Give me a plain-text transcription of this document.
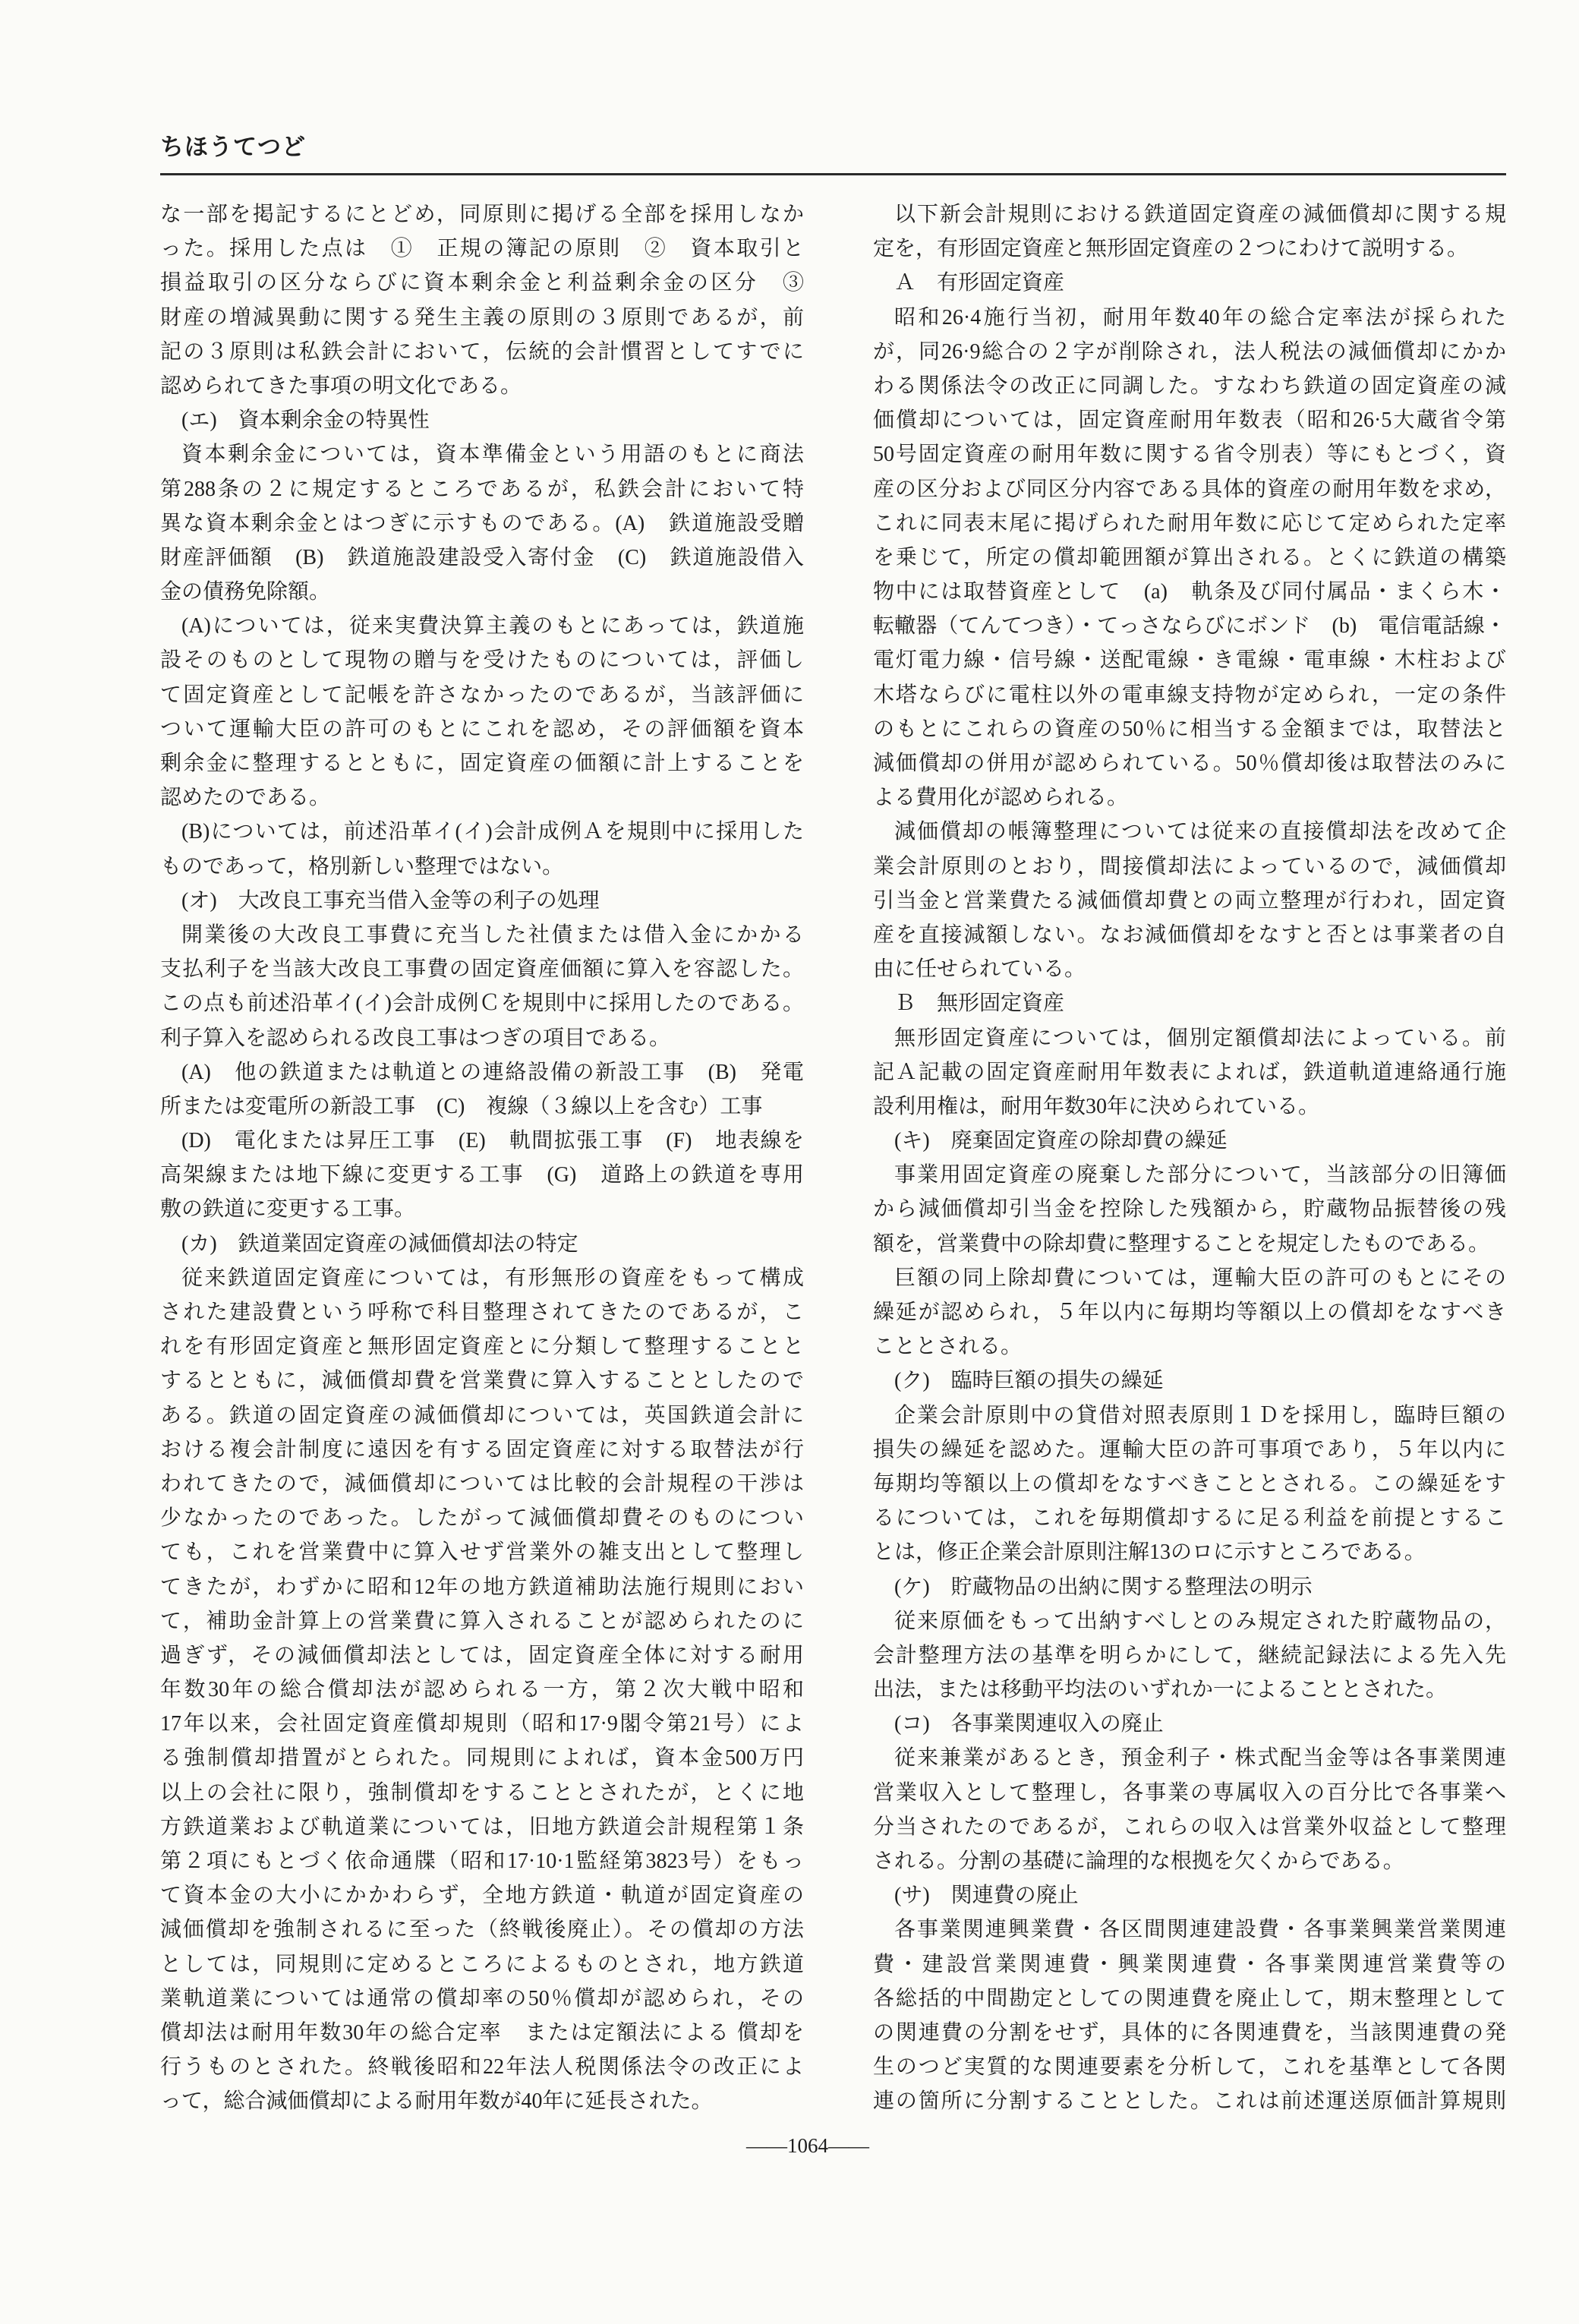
ちほうてつど
な一部を掲記するにとどめ，同原則に掲げる全部を採用しなか
った。採用した点は　①　正規の簿記の原則　②　資本取引と
損益取引の区分ならびに資本剰余金と利益剰余金の区分　③
財産の増減異動に関する発生主義の原則の３原則であるが，前
記の３原則は私鉄会計において，伝統的会計慣習としてすでに
認められてきた事項の明文化である。
(エ)　資本剰余金の特異性
資本剰余金については，資本準備金という用語のもとに商法
第288条の２に規定するところであるが，私鉄会計において特
異な資本剰余金とはつぎに示すものである。(A)　鉄道施設受贈
財産評価額　(B)　鉄道施設建設受入寄付金　(C)　鉄道施設借入
金の債務免除額。
(A)については，従来実費決算主義のもとにあっては，鉄道施
設そのものとして現物の贈与を受けたものについては，評価し
て固定資産として記帳を許さなかったのであるが，当該評価に
ついて運輸大臣の許可のもとにこれを認め，その評価額を資本
剰余金に整理するとともに，固定資産の価額に計上することを
認めたのである。
(B)については，前述沿革イ(イ)会計成例Ａを規則中に採用した
ものであって，格別新しい整理ではない。
(オ)　大改良工事充当借入金等の利子の処理
開業後の大改良工事費に充当した社債または借入金にかかる
支払利子を当該大改良工事費の固定資産価額に算入を容認した。
この点も前述沿革イ(イ)会計成例Ｃを規則中に採用したのである。
利子算入を認められる改良工事はつぎの項目である。
(A)　他の鉄道または軌道との連絡設備の新設工事　(B)　発電
所または変電所の新設工事　(C)　複線（３線以上を含む）工事
(D)　電化または昇圧工事　(E)　軌間拡張工事　(F)　地表線を
高架線または地下線に変更する工事　(G)　道路上の鉄道を専用
敷の鉄道に変更する工事。
(カ)　鉄道業固定資産の減価償却法の特定
従来鉄道固定資産については，有形無形の資産をもって構成
された建設費という呼称で科目整理されてきたのであるが，こ
れを有形固定資産と無形固定資産とに分類して整理することと
するとともに，減価償却費を営業費に算入することとしたので
ある。鉄道の固定資産の減価償却については，英国鉄道会計に
おける複会計制度に遠因を有する固定資産に対する取替法が行
われてきたので，減価償却については比較的会計規程の干渉は
少なかったのであった。したがって減価償却費そのものについ
ても，これを営業費中に算入せず営業外の雑支出として整理し
てきたが，わずかに昭和12年の地方鉄道補助法施行規則におい
て，補助金計算上の営業費に算入されることが認められたのに
過ぎず，その減価償却法としては，固定資産全体に対する耐用
年数30年の総合償却法が認められる一方，第２次大戦中昭和
17年以来，会社固定資産償却規則（昭和17·9閣令第21号）によ
る強制償却措置がとられた。同規則によれば，資本金500万円
以上の会社に限り，強制償却をすることとされたが，とくに地
方鉄道業および軌道業については，旧地方鉄道会計規程第１条
第２項にもとづく依命通牒（昭和17·10·1監経第3823号）をもっ
て資本金の大小にかかわらず，全地方鉄道・軌道が固定資産の
減価償却を強制されるに至った（終戦後廃止）。その償却の方法
としては，同規則に定めるところによるものとされ，地方鉄道
業軌道業については通常の償却率の50％償却が認められ，その
償却法は耐用年数30年の総合定率　または定額法による 償却を
行うものとされた。終戦後昭和22年法人税関係法令の改正によ
って，総合減価償却による耐用年数が40年に延長された。
以下新会計規則における鉄道固定資産の減価償却に関する規
定を，有形固定資産と無形固定資産の２つにわけて説明する。
Ａ　有形固定資産
昭和26·4施行当初，耐用年数40年の総合定率法が採られた
が，同26·9総合の２字が削除され，法人税法の減価償却にかか
わる関係法令の改正に同調した。すなわち鉄道の固定資産の減
価償却については，固定資産耐用年数表（昭和26·5大蔵省令第
50号固定資産の耐用年数に関する省令別表）等にもとづく，資
産の区分および同区分内容である具体的資産の耐用年数を求め，
これに同表末尾に掲げられた耐用年数に応じて定められた定率
を乗じて，所定の償却範囲額が算出される。とくに鉄道の構築
物中には取替資産として　(a)　軌条及び同付属品・まくら木・
転轍器（てんてつき）・てっさならびにボンド　(b)　電信電話線・
電灯電力線・信号線・送配電線・き電線・電車線・木柱および
木塔ならびに電柱以外の電車線支持物が定められ，一定の条件
のもとにこれらの資産の50％に相当する金額までは，取替法と
減価償却の併用が認められている。50％償却後は取替法のみに
よる費用化が認められる。
減価償却の帳簿整理については従来の直接償却法を改めて企
業会計原則のとおり，間接償却法によっているので，減価償却
引当金と営業費たる減価償却費との両立整理が行われ，固定資
産を直接減額しない。なお減価償却をなすと否とは事業者の自
由に任せられている。
Ｂ　無形固定資産
無形固定資産については，個別定額償却法によっている。前
記Ａ記載の固定資産耐用年数表によれば，鉄道軌道連絡通行施
設利用権は，耐用年数30年に決められている。
(キ)　廃棄固定資産の除却費の繰延
事業用固定資産の廃棄した部分について，当該部分の旧簿価
から減価償却引当金を控除した残額から，貯蔵物品振替後の残
額を，営業費中の除却費に整理することを規定したものである。
巨額の同上除却費については，運輸大臣の許可のもとにその
繰延が認められ，５年以内に毎期均等額以上の償却をなすべき
こととされる。
(ク)　臨時巨額の損失の繰延
企業会計原則中の貸借対照表原則１Ｄを採用し，臨時巨額の
損失の繰延を認めた。運輸大臣の許可事項であり，５年以内に
毎期均等額以上の償却をなすべきこととされる。この繰延をす
るについては，これを毎期償却するに足る利益を前提とするこ
とは，修正企業会計原則注解13のロに示すところである。
(ケ)　貯蔵物品の出納に関する整理法の明示
従来原価をもって出納すべしとのみ規定された貯蔵物品の，
会計整理方法の基準を明らかにして，継続記録法による先入先
出法，または移動平均法のいずれか一によることとされた。
(コ)　各事業関連収入の廃止
従来兼業があるとき，預金利子・株式配当金等は各事業関連
営業収入として整理し，各事業の専属収入の百分比で各事業へ
分当されたのであるが，これらの収入は営業外収益として整理
される。分割の基礎に論理的な根拠を欠くからである。
(サ)　関連費の廃止
各事業関連興業費・各区間関連建設費・各事業興業営業関連
費・建設営業関連費・興業関連費・各事業関連営業費等の
各総括的中間勘定としての関連費を廃止して，期末整理として
の関連費の分割をせず，具体的に各関連費を，当該関連費の発
生のつど実質的な関連要素を分析して，これを基準として各関
連の箇所に分割することとした。これは前述運送原価計算規則
——1064——
